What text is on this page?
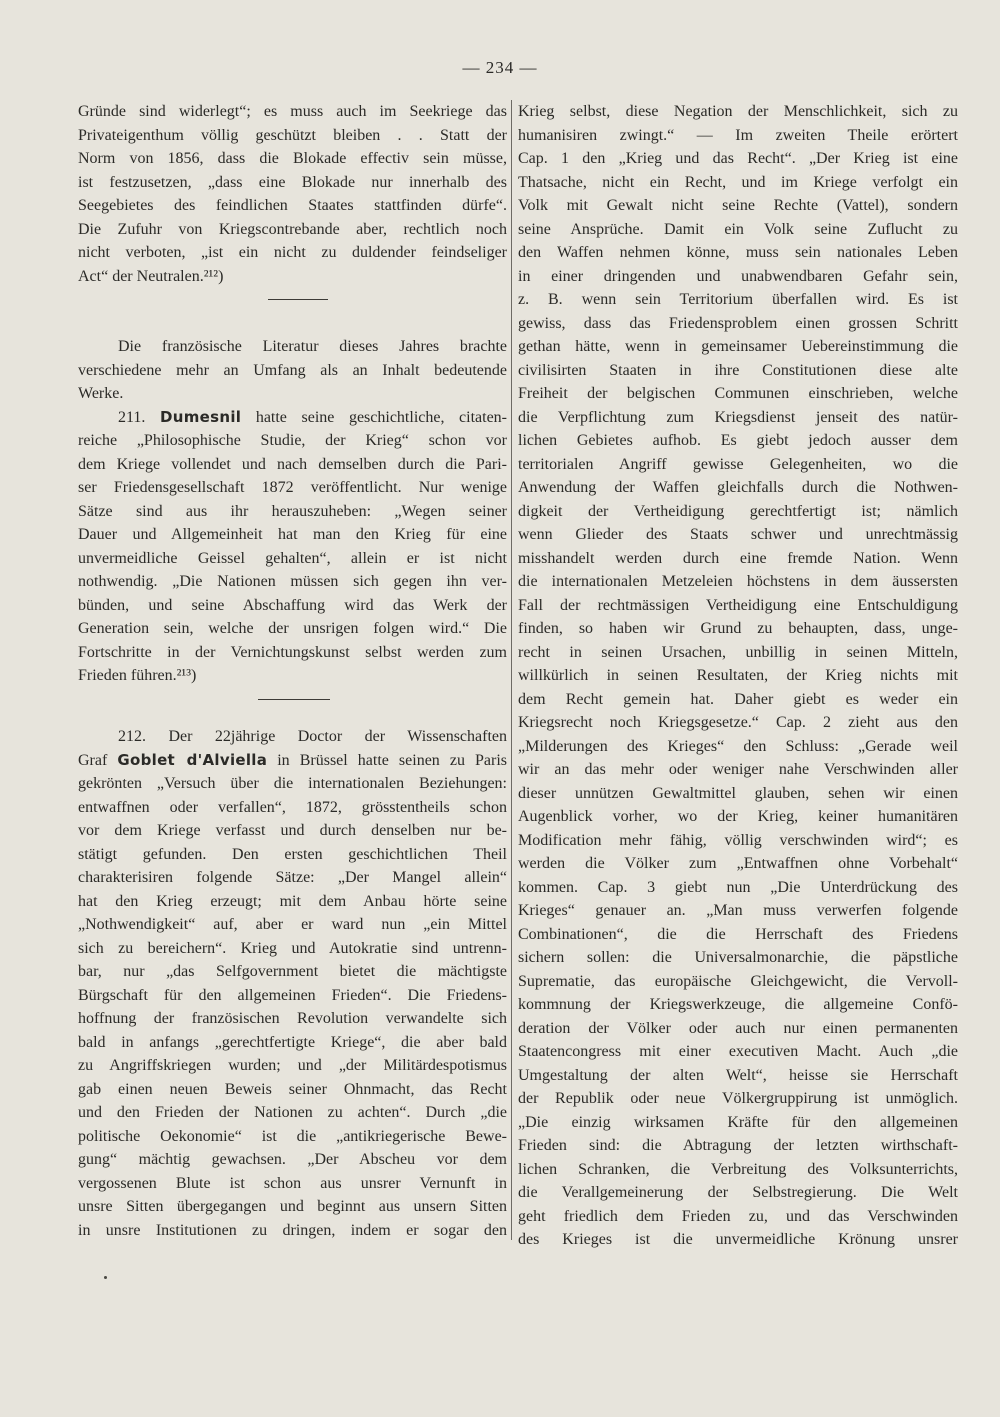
— 234 —
Gründe sind widerlegt“; es muss auch im Seekriege das
Privateigenthum völlig geschützt bleiben . . Statt der
Norm von 1856, dass die Blokade effectiv sein müsse,
ist festzusetzen, „dass eine Blokade nur innerhalb des
Seegebietes des feindlichen Staates stattfinden dürfe“.
Die Zufuhr von Kriegscontrebande aber, rechtlich noch
nicht verboten, „ist ein nicht zu duldender feindseliger
Act“ der Neutralen.²¹²)
Die französische Literatur dieses Jahres brachte
verschiedene mehr an Umfang als an Inhalt bedeutende
Werke.
211. Dumesnil hatte seine geschichtliche, citaten-
reiche „Philosophische Studie, der Krieg“ schon vor
dem Kriege vollendet und nach demselben durch die Pari-
ser Friedensgesellschaft 1872 veröffentlicht. Nur wenige
Sätze sind aus ihr herauszuheben: „Wegen seiner
Dauer und Allgemeinheit hat man den Krieg für eine
unvermeidliche Geissel gehalten“, allein er ist nicht
nothwendig. „Die Nationen müssen sich gegen ihn ver-
bünden, und seine Abschaffung wird das Werk der
Generation sein, welche der unsrigen folgen wird.“ Die
Fortschritte in der Vernichtungskunst selbst werden zum
Frieden führen.²¹³)
212. Der 22jährige Doctor der Wissenschaften
Graf Goblet d'Alviella in Brüssel hatte seinen zu Paris
gekrönten „Versuch über die internationalen Beziehungen:
entwaffnen oder verfallen“, 1872, grösstentheils schon
vor dem Kriege verfasst und durch denselben nur be-
stätigt gefunden. Den ersten geschichtlichen Theil
charakterisiren folgende Sätze: „Der Mangel allein“
hat den Krieg erzeugt; mit dem Anbau hörte seine
„Nothwendigkeit“ auf, aber er ward nun „ein Mittel
sich zu bereichern“. Krieg und Autokratie sind untrenn-
bar, nur „das Selfgovernment bietet die mächtigste
Bürgschaft für den allgemeinen Frieden“. Die Friedens-
hoffnung der französischen Revolution verwandelte sich
bald in anfangs „gerechtfertigte Kriege“, die aber bald
zu Angriffskriegen wurden; und „der Militärdespotismus
gab einen neuen Beweis seiner Ohnmacht, das Recht
und den Frieden der Nationen zu achten“. Durch „die
politische Oekonomie“ ist die „antikriegerische Bewe-
gung“ mächtig gewachsen. „Der Abscheu vor dem
vergossenen Blute ist schon aus unsrer Vernunft in
unsre Sitten übergegangen und beginnt aus unsern Sitten
in unsre Institutionen zu dringen, indem er sogar den
Krieg selbst, diese Negation der Menschlichkeit, sich zu
humanisiren zwingt.“ — Im zweiten Theile erörtert
Cap. 1 den „Krieg und das Recht“. „Der Krieg ist eine
Thatsache, nicht ein Recht, und im Kriege verfolgt ein
Volk mit Gewalt nicht seine Rechte (Vattel), sondern
seine Ansprüche. Damit ein Volk seine Zuflucht zu
den Waffen nehmen könne, muss sein nationales Leben
in einer dringenden und unabwendbaren Gefahr sein,
z. B. wenn sein Territorium überfallen wird. Es ist
gewiss, dass das Friedensproblem einen grossen Schritt
gethan hätte, wenn in gemeinsamer Uebereinstimmung die
civilisirten Staaten in ihre Constitutionen diese alte
Freiheit der belgischen Communen einschrieben, welche
die Verpflichtung zum Kriegsdienst jenseit des natür-
lichen Gebietes aufhob. Es giebt jedoch ausser dem
territorialen Angriff gewisse Gelegenheiten, wo die
Anwendung der Waffen gleichfalls durch die Nothwen-
digkeit der Vertheidigung gerechtfertigt ist; nämlich
wenn Glieder des Staats schwer und unrechtmässig
misshandelt werden durch eine fremde Nation. Wenn
die internationalen Metzeleien höchstens in dem äussersten
Fall der rechtmässigen Vertheidigung eine Entschuldigung
finden, so haben wir Grund zu behaupten, dass, unge-
recht in seinen Ursachen, unbillig in seinen Mitteln,
willkürlich in seinen Resultaten, der Krieg nichts mit
dem Recht gemein hat. Daher giebt es weder ein
Kriegsrecht noch Kriegsgesetze.“ Cap. 2 zieht aus den
„Milderungen des Krieges“ den Schluss: „Gerade weil
wir an das mehr oder weniger nahe Verschwinden aller
dieser unnützen Gewaltmittel glauben, sehen wir einen
Augenblick vorher, wo der Krieg, keiner humanitären
Modification mehr fähig, völlig verschwinden wird“; es
werden die Völker zum „Entwaffnen ohne Vorbehalt“
kommen. Cap. 3 giebt nun „Die Unterdrückung des
Krieges“ genauer an. „Man muss verwerfen folgende
Combinationen“, die die Herrschaft des Friedens
sichern sollen: die Universalmonarchie, die päpstliche
Suprematie, das europäische Gleichgewicht, die Vervoll-
kommnung der Kriegswerkzeuge, die allgemeine Confö-
deration der Völker oder auch nur einen permanenten
Staatencongress mit einer executiven Macht. Auch „die
Umgestaltung der alten Welt“, heisse sie Herrschaft
der Republik oder neue Völkergruppirung ist unmöglich.
„Die einzig wirksamen Kräfte für den allgemeinen
Frieden sind: die Abtragung der letzten wirthschaft-
lichen Schranken, die Verbreitung des Volksunterrichts,
die Verallgemeinerung der Selbstregierung. Die Welt
geht friedlich dem Frieden zu, und das Verschwinden
des Krieges ist die unvermeidliche Krönung unsrer
